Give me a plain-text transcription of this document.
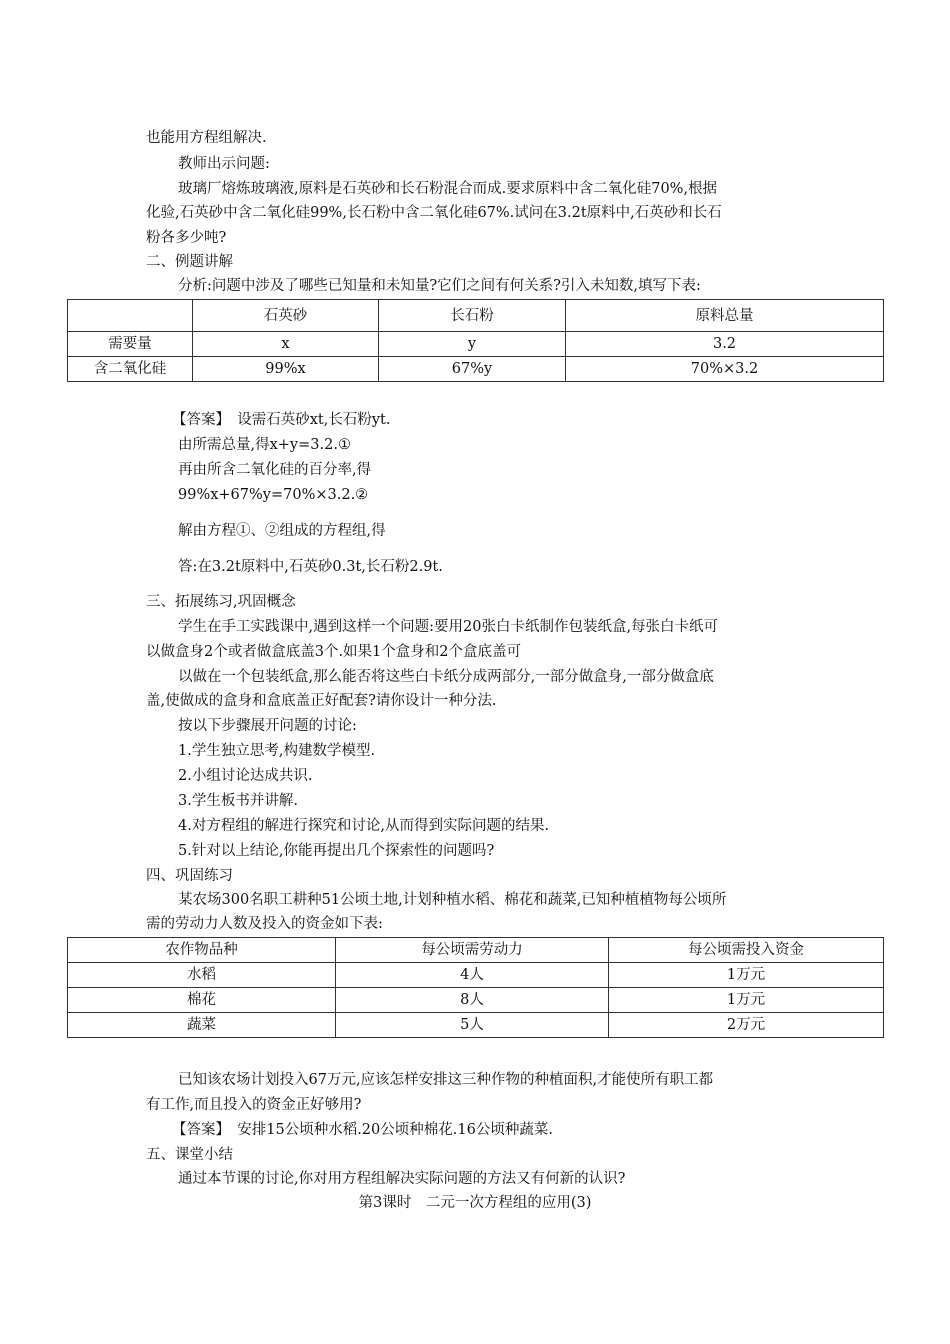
也能用方程组解决.
教师出示问题:
玻璃厂熔炼玻璃液,原料是石英砂和长石粉混合而成.要求原料中含二氧化硅70%,根据
化验,石英砂中含二氧化硅99%,长石粉中含二氧化硅67%.试问在3.2t原料中,石英砂和长石
粉各多少吨?
二、例题讲解
分析:问题中涉及了哪些已知量和未知量?它们之间有何关系?引入未知数,填写下表:
	石英砂	长石粉	原料总量
需要量	x	y	3.2
含二氧化硅	99%x	67%y	70%×3.2
【答案】　设需石英砂xt,长石粉yt.
由所需总量,得x+y=3.2.①
再由所含二氧化硅的百分率,得
99%x+67%y=70%×3.2.②
解由方程①、②组成的方程组,得
答:在3.2t原料中,石英砂0.3t,长石粉2.9t.
三、拓展练习,巩固概念
学生在手工实践课中,遇到这样一个问题:要用20张白卡纸制作包装纸盒,每张白卡纸可
以做盒身2个或者做盒底盖3个.如果1个盒身和2个盒底盖可
以做在一个包装纸盒,那么能否将这些白卡纸分成两部分,一部分做盒身,一部分做盒底
盖,使做成的盒身和盒底盖正好配套?请你设计一种分法.
按以下步骤展开问题的讨论:
1.学生独立思考,构建数学模型.
2.小组讨论达成共识.
3.学生板书并讲解.
4.对方程组的解进行探究和讨论,从而得到实际问题的结果.
5.针对以上结论,你能再提出几个探索性的问题吗?
四、巩固练习
某农场300名职工耕种51公顷土地,计划种植水稻、棉花和蔬菜,已知种植植物每公顷所
需的劳动力人数及投入的资金如下表:
农作物品种	每公顷需劳动力	每公顷需投入资金
水稻	4人	1万元
棉花	8人	1万元
蔬菜	5人	2万元
已知该农场计划投入67万元,应该怎样安排这三种作物的种植面积,才能使所有职工都
有工作,而且投入的资金正好够用?
【答案】　安排15公顷种水稻.20公顷种棉花.16公顷种蔬菜.
五、课堂小结
通过本节课的讨论,你对用方程组解决实际问题的方法又有何新的认识?
第3课时　二元一次方程组的应用(3)
